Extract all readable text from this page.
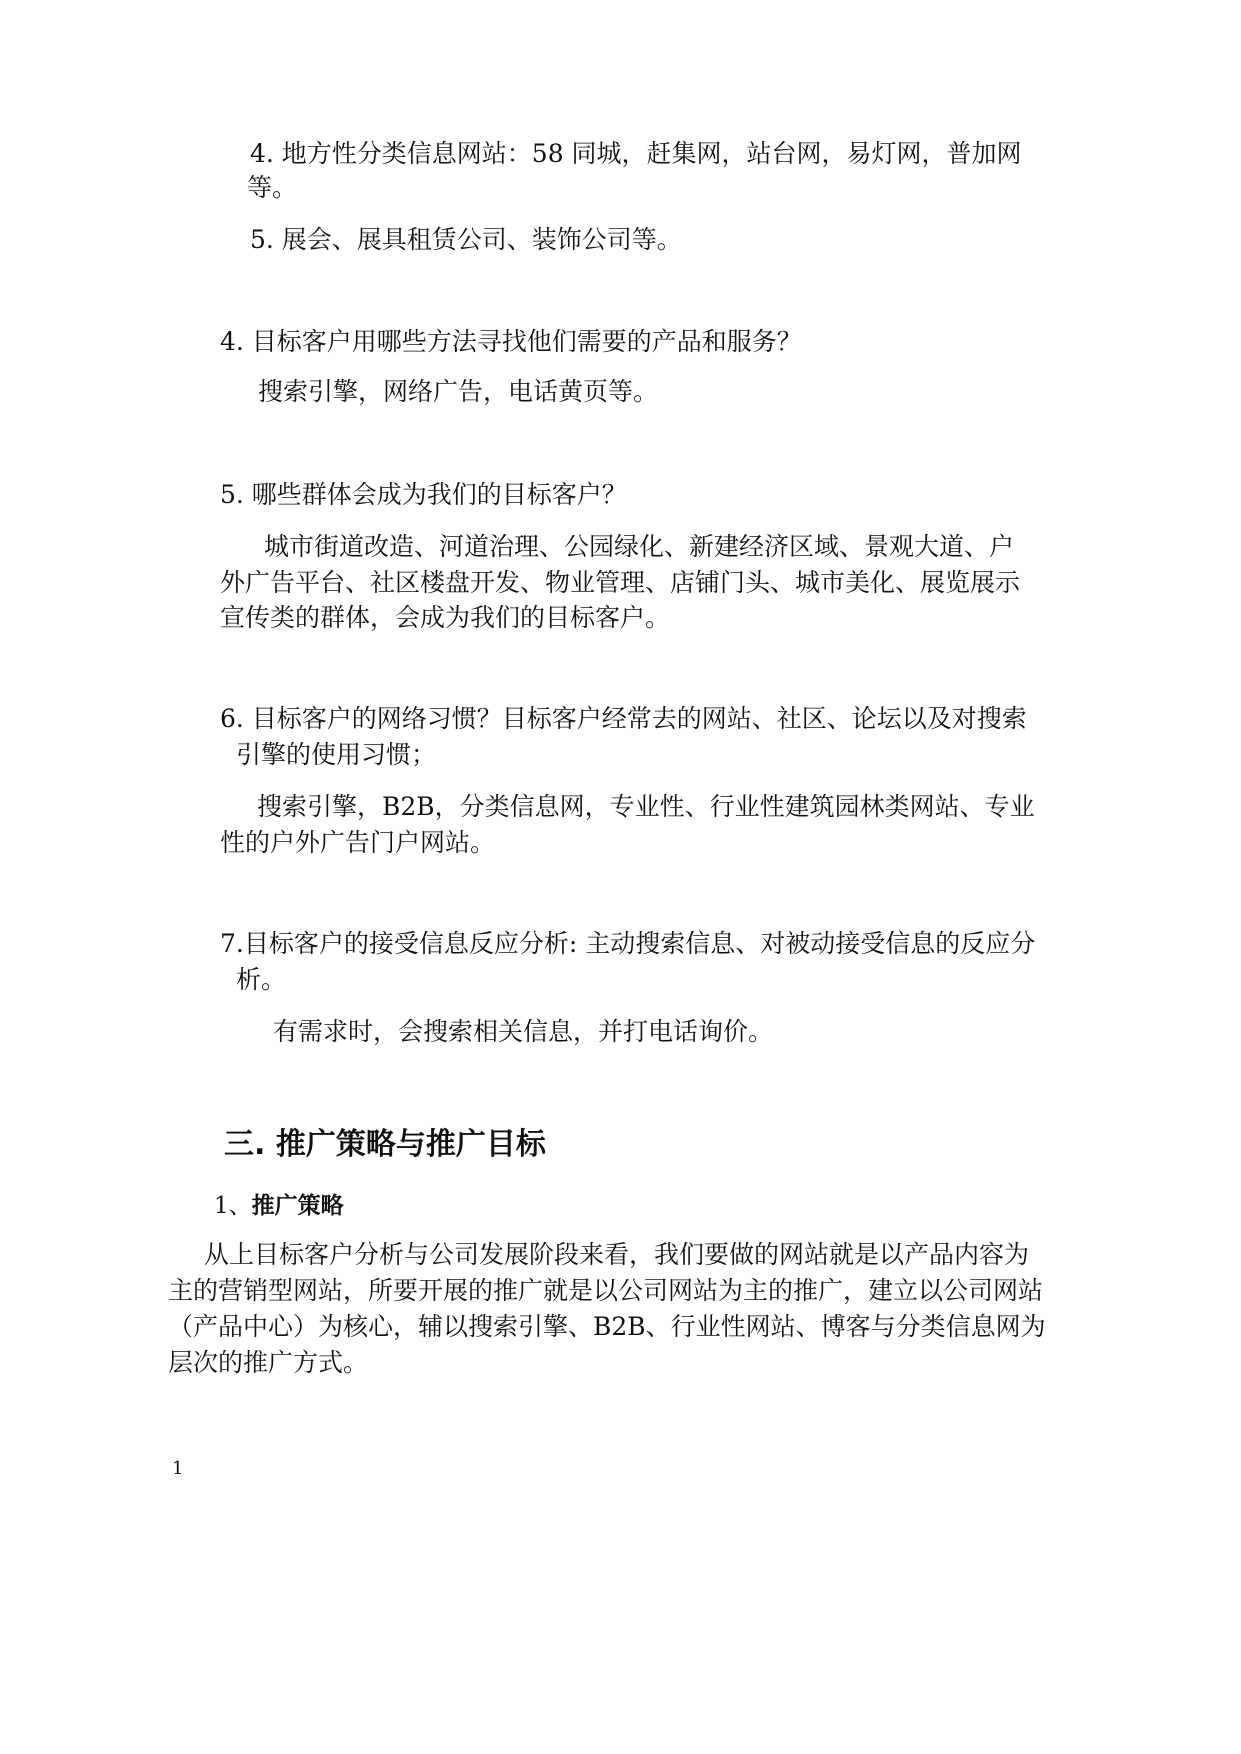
4. 地方性分类信息网站：58 同城，赶集网，站台网，易灯网，普加网
等。
5. 展会、展具租赁公司、装饰公司等。
4. 目标客户用哪些方法寻找他们需要的产品和服务？
搜索引擎，网络广告，电话黄页等。
5. 哪些群体会成为我们的目标客户？
城市街道改造、河道治理、公园绿化、新建经济区域、景观大道、户
外广告平台、社区楼盘开发、物业管理、店铺门头、城市美化、展览展示
宣传类的群体，会成为我们的目标客户。
6. 目标客户的网络习惯？目标客户经常去的网站、社区、论坛以及对搜索
引擎的使用习惯；
搜索引擎，B2B，分类信息网，专业性、行业性建筑园林类网站、专业
性的户外广告门户网站。
7.目标客户的接受信息反应分析: 主动搜索信息、对被动接受信息的反应分
析。
有需求时，会搜索相关信息，并打电话询价。
三. 推广策略与推广目标
1、推广策略
从上目标客户分析与公司发展阶段来看，我们要做的网站就是以产品内容为
主的营销型网站，所要开展的推广就是以公司网站为主的推广，建立以公司网站
（产品中心）为核心，辅以搜索引擎、B2B、行业性网站、博客与分类信息网为
层次的推广方式。
1
